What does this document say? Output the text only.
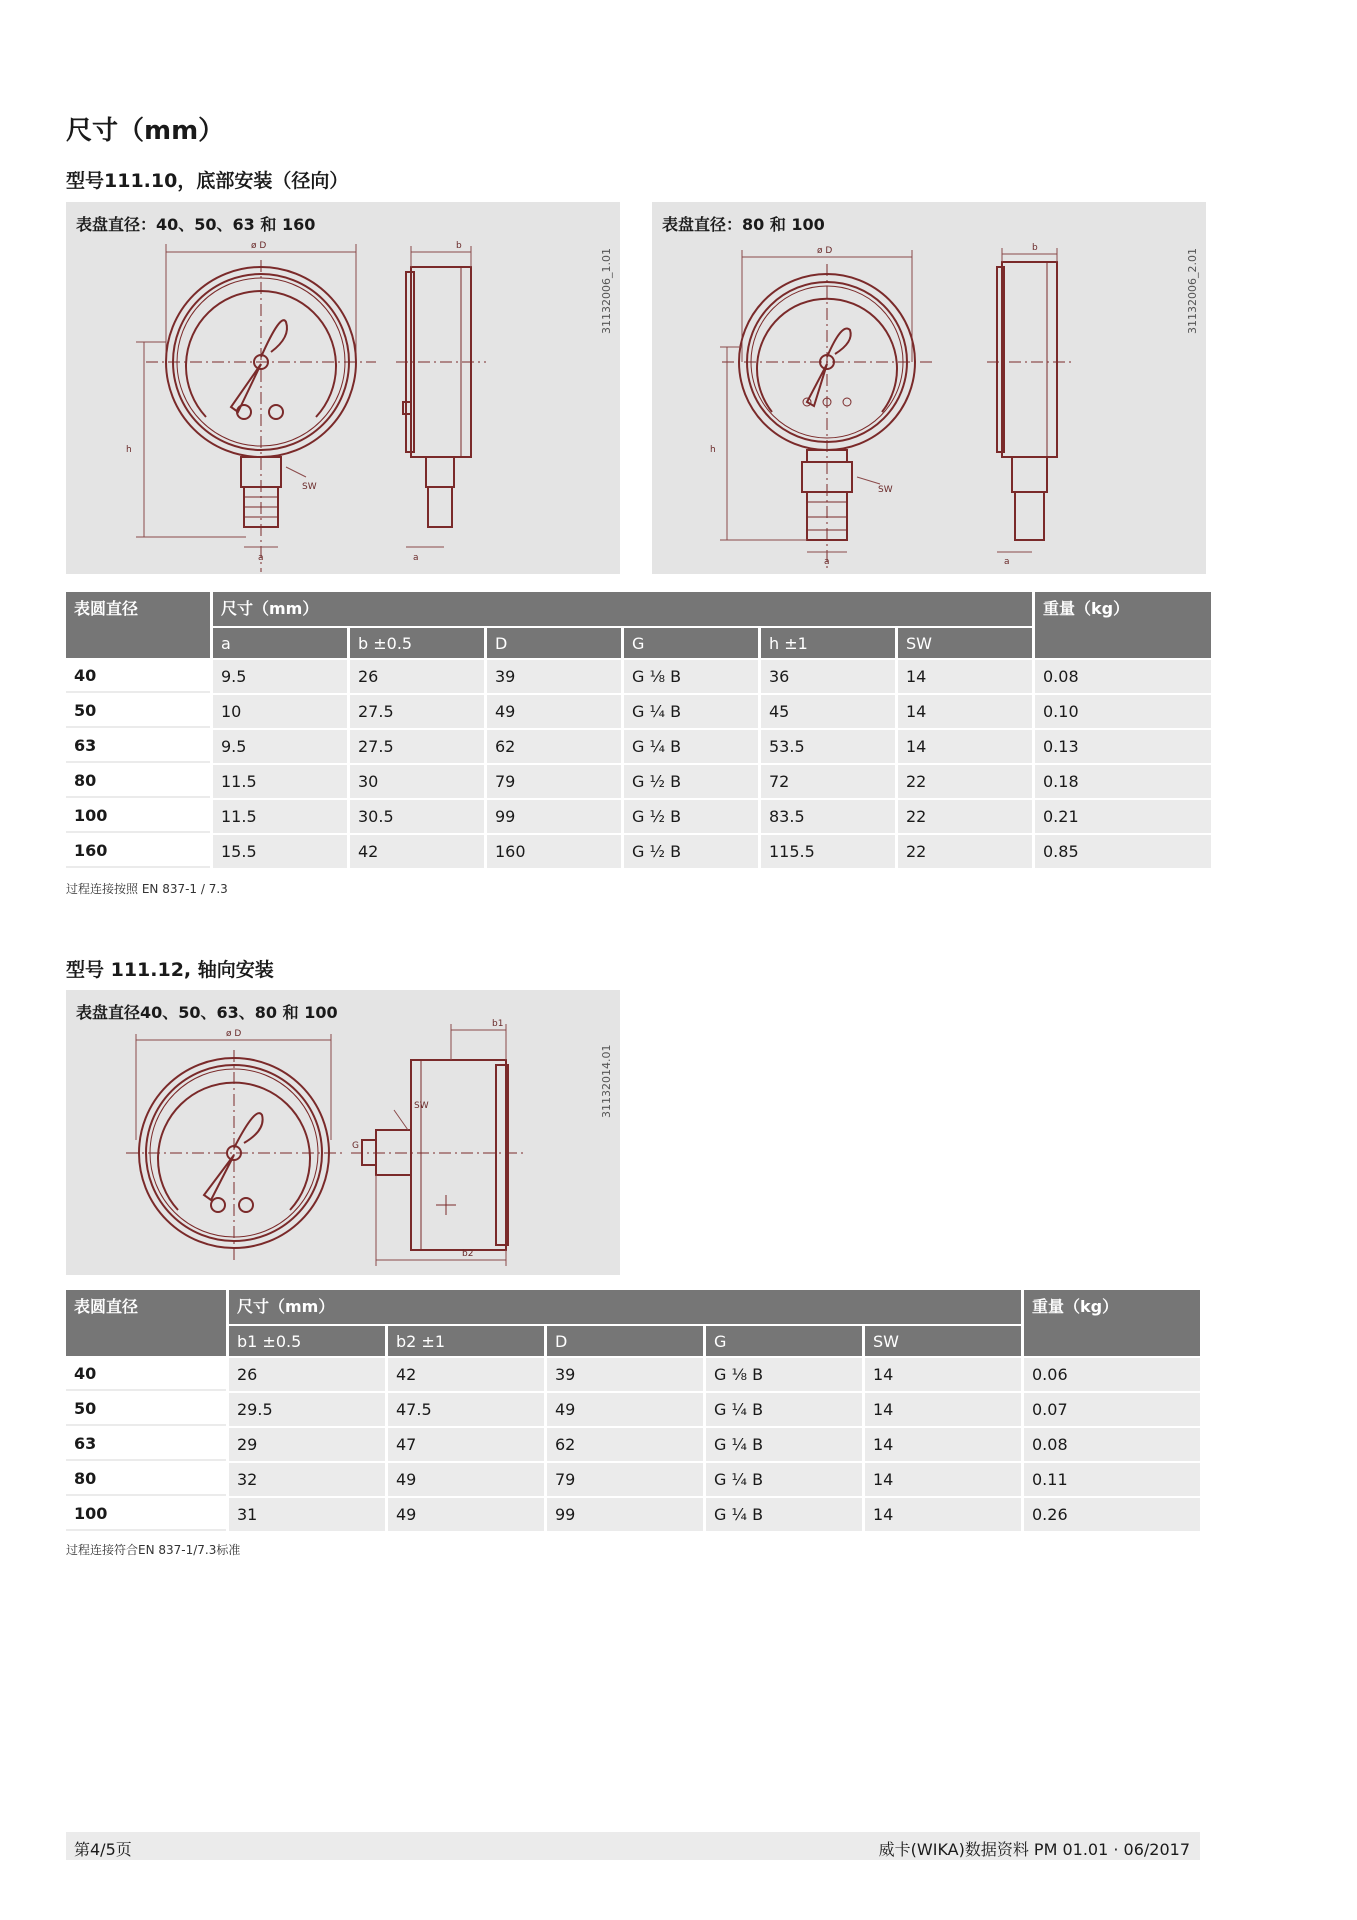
尺寸（mm）
型号111.10，底部安装（径向）
表盘直径：40、50、63 和 160
31132006_1.01
ø D
SW
h
a
b
a
表盘直径：80 和 100
31132006_2.01
ø D
SW
h
a
b
a
表圆直径	尺寸（mm）						重量（kg）
	a	b ±0.5	D	G	h ±1	SW	
40	9.5	26	39	G ⅛ B	36	14	0.08
50	10	27.5	49	G ¼ B	45	14	0.10
63	9.5	27.5	62	G ¼ B	53.5	14	0.13
80	11.5	30	79	G ½ B	72	22	0.18
100	11.5	30.5	99	G ½ B	83.5	22	0.21
160	15.5	42	160	G ½ B	115.5	22	0.85
过程连接按照 EN 837-1 / 7.3
型号 111.12, 轴向安装
表盘直径40、50、63、80 和 100
31132014.01
ø D
b1
SW
b2
G
表圆直径	尺寸（mm）					重量（kg）
	b1 ±0.5	b2 ±1	D	G	SW	
40	26	42	39	G ⅛ B	14	0.06
50	29.5	47.5	49	G ¼ B	14	0.07
63	29	47	62	G ¼ B	14	0.08
80	32	49	79	G ¼ B	14	0.11
100	31	49	99	G ¼ B	14	0.26
过程连接符合EN 837-1/7.3标准
第4/5页	威卡(WIKA)数据资料 PM 01.01 · 06/2017
